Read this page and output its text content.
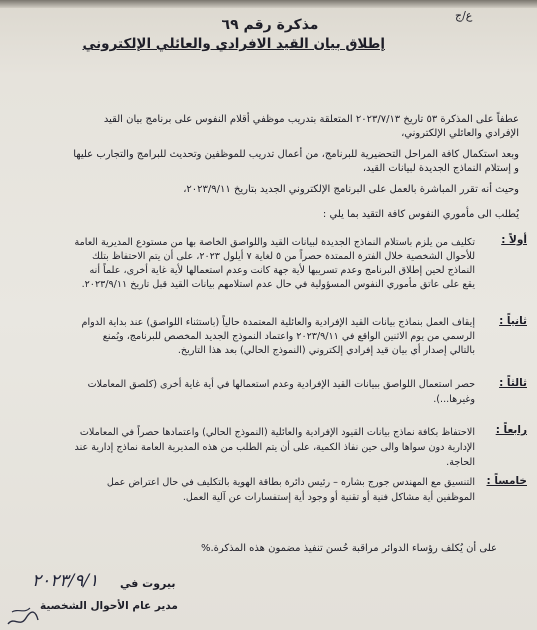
ع/ج
مذكرة رقم ٦٩
إطلاق بيان القيد الافرادي والعائلي الإلكتروني
عطفاً على المذكرة ٥٣ تاريخ ٢٠٢٣/٧/١٣ المتعلقة بتدريب موظفي أقلام النفوس على برنامج بيان القيد
الإفرادي والعائلي الإلكتروني،
وبعد استكمال كافة المراحل التحضيرية للبرنامج، من أعمال تدريب للموظفين وتحديث للبرامج والتجارب عليها
و إستلام النماذج الجديدة لبيانات القيد،
وحيث أنه تقرر المباشرة بالعمل على البرنامج الإلكتروني الجديد بتاريخ ٢٠٢٣/٩/١١،
يُطلب الى مأموري النفوس كافة التقيد بما يلي :
أولاً :
تكليف من يلزم باستلام النماذج الجديدة لبيانات القيد واللواصق الخاصة بها من مستودع المديرية العامة
للأحوال الشخصية خلال الفترة الممتدة حصراً من ٥ لغاية ٧ أيلول ٢٠٢٣، على أن يتم الاحتفاظ بتلك
النماذج لحين إطلاق البرنامج وعدم تسريبها لأية جهة كانت وعدم استعمالها لأية غاية أخرى، علماً أنه
يقع على عاتق مأموري النفوس المسؤولية في حال عدم استلامهم بيانات القيد قبل تاريخ ٢٠٢٣/٩/١١.
ثانياً :
إيقاف العمل بنماذج بيانات القيد الإفرادية والعائلية المعتمدة حالياً (باستثناء اللواصق) عند بداية الدوام
الرسمي من يوم الاثنين الواقع في ٢٠٢٣/٩/١١ واعتماد النموذج الجديد المخصص للبرنامج، ويُمنع
بالتالي إصدار أي بيان قيد إفرادي إلكتروني (النموذج الحالي) بعد هذا التاريخ.
ثالثاً :
حصر استعمال اللواصق ببيانات القيد الإفرادية وعدم استعمالها في أية غاية أخرى (كلصق المعاملات
وغيرها...).
رابعاً :
الاحتفاظ بكافة نماذج بيانات القيود الإفرادية والعائلية (النموذج الحالي) واعتمادها حصراً في المعاملات
الإدارية دون سواها والى حين نفاذ الكمية، على أن يتم الطلب من هذه المديرية العامة نماذج إدارية عند
الحاجة.
خامساً :
التنسيق مع المهندس جورج بشاره – رئيس دائرة بطاقة الهوية بالتكليف في حال اعتراض عمل
الموظفين أية مشاكل فنية أو تقنية أو وجود أية إستفسارات عن آلية العمل.
على أن يُكلف رؤساء الدوائر مراقبة حُسن تنفيذ مضمون هذه المذكرة.%
بيروت في
٢٠٢٣/٩/١
مدير عام الأحوال الشخصية
